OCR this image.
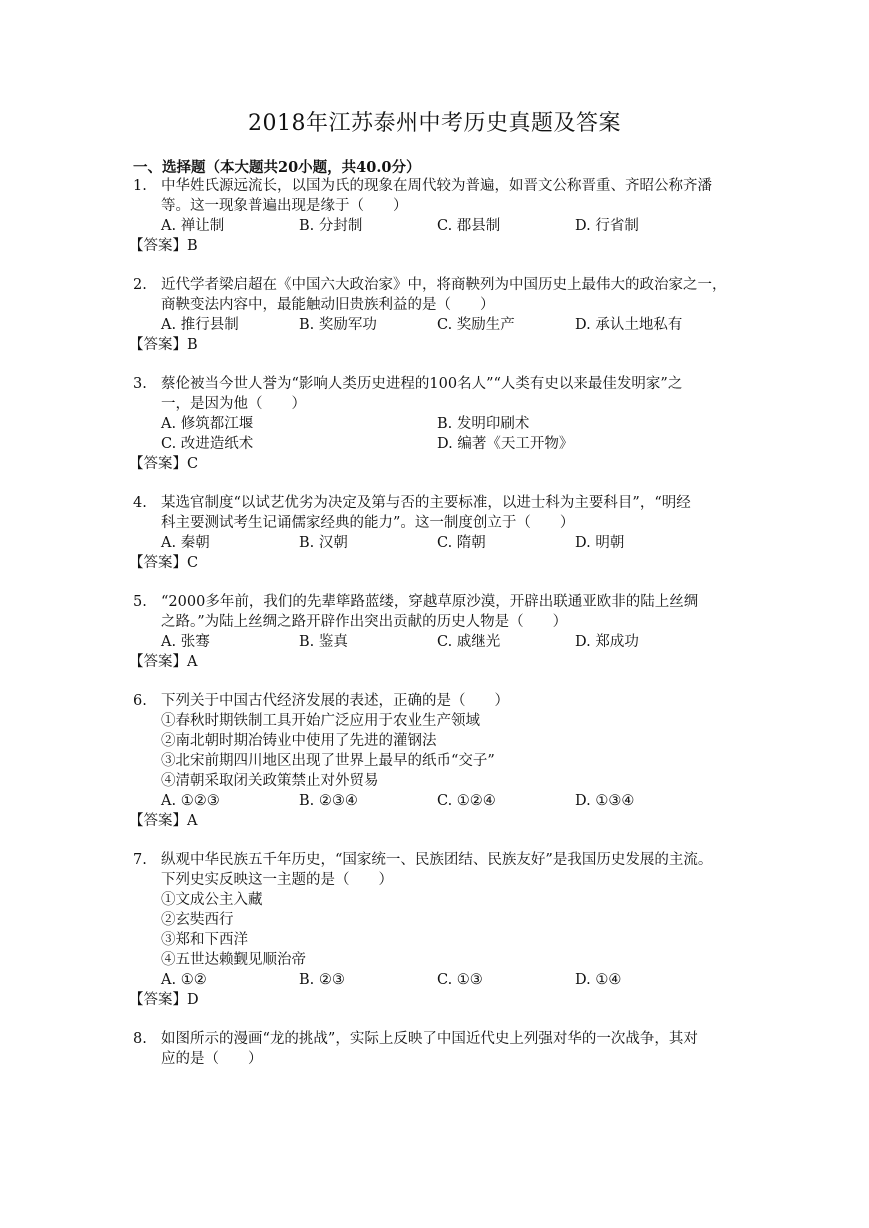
2018年江苏泰州中考历史真题及答案
一、选择题（本大题共20小题，共40.0分）
1. 中华姓氏源远流长，以国为氏的现象在周代较为普遍，如晋文公称晋重、齐昭公称齐潘
等。这一现象普遍出现是缘于（　　）
A. 禅让制	B. 分封制	C. 郡县制	D. 行省制
【答案】B
2. 近代学者梁启超在《中国六大政治家》中，将商鞅列为中国历史上最伟大的政治家之一，
商鞅变法内容中，最能触动旧贵族利益的是（　　）
A. 推行县制	B. 奖励军功	C. 奖励生产	D. 承认土地私有
【答案】B
3. 蔡伦被当今世人誉为“影响人类历史进程的100名人”“人类有史以来最佳发明家”之
一，是因为他（　　）
A. 修筑都江堰	B. 发明印刷术
C. 改进造纸术	D. 编著《天工开物》
【答案】C
4. 某选官制度“以试艺优劣为决定及第与否的主要标准，以进士科为主要科目”，“明经
科主要测试考生记诵儒家经典的能力”。这一制度创立于（　　）
A. 秦朝	B. 汉朝	C. 隋朝	D. 明朝
【答案】C
5. “2000多年前，我们的先辈筚路蓝缕，穿越草原沙漠，开辟出联通亚欧非的陆上丝绸
之路。”为陆上丝绸之路开辟作出突出贡献的历史人物是（　　）
A. 张骞	B. 鉴真	C. 戚继光	D. 郑成功
【答案】A
6. 下列关于中国古代经济发展的表述，正确的是（　　）
①春秋时期铁制工具开始广泛应用于农业生产领域
②南北朝时期冶铸业中使用了先进的灌钢法
③北宋前期四川地区出现了世界上最早的纸币“交子”
④清朝采取闭关政策禁止对外贸易
A. ①②③	B. ②③④	C. ①②④	D. ①③④
【答案】A
7. 纵观中华民族五千年历史，“国家统一、民族团结、民族友好”是我国历史发展的主流。
下列史实反映这一主题的是（　　）
①文成公主入藏
②玄奘西行
③郑和下西洋
④五世达赖觐见顺治帝
A. ①②	B. ②③	C. ①③	D. ①④
【答案】D
8. 如图所示的漫画“龙的挑战”，实际上反映了中国近代史上列强对华的一次战争，其对
应的是（　　）
